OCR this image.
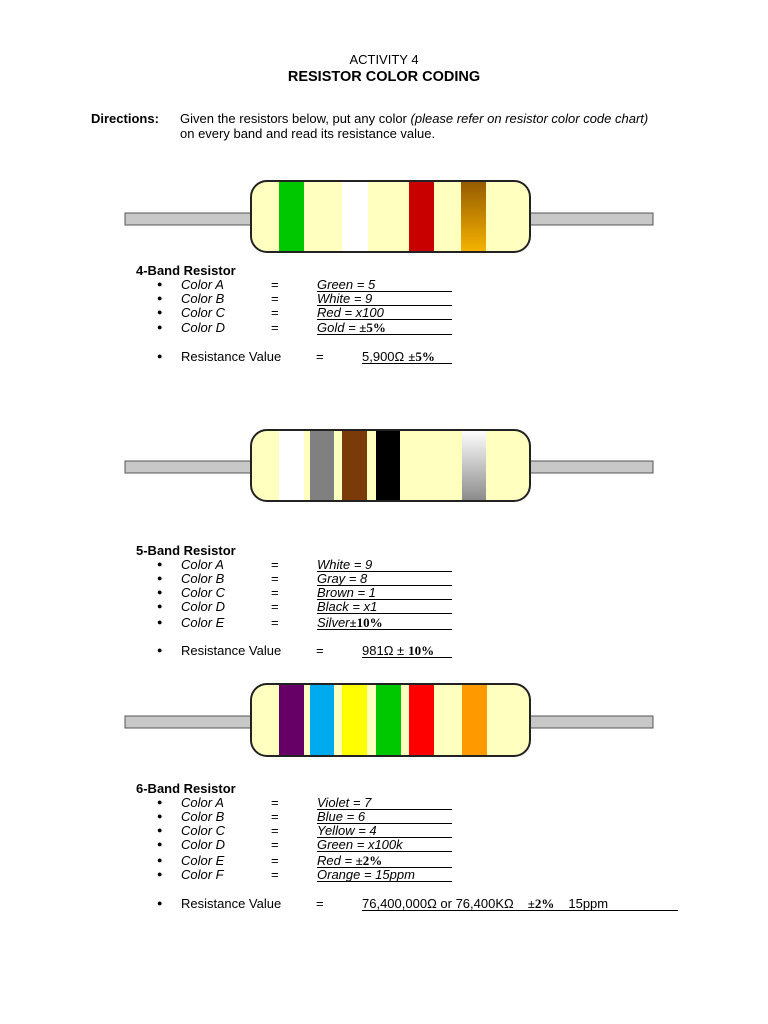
ACTIVITY 4
RESISTOR COLOR CODING
Directions: Given the resistors below, put any color (please refer on resistor color code chart)
on every band and read its resistance value.
4-Band Resistor
● Color A	=	Green = 5
● Color B	=	White = 9
● Color C	=	Red = x100
● Color D	=	Gold = ±5%
● Resistance Value	=	5,900Ω ±5%
5-Band Resistor
● Color A	=	White = 9
● Color B	=	Gray = 8
● Color C	=	Brown = 1
● Color D	=	Black = x1
● Color E	=	Silver±10%
● Resistance Value	=	981Ω ± 10%
6-Band Resistor
● Color A	=	Violet = 7
● Color B	=	Blue = 6
● Color C	=	Yellow = 4
● Color D	=	Green = x100k
● Color E	=	Red = ±2%
● Color F	=	Orange = 15ppm
● Resistance Value	=	76,400,000Ω or 76,400KΩ ±2% 15ppm
